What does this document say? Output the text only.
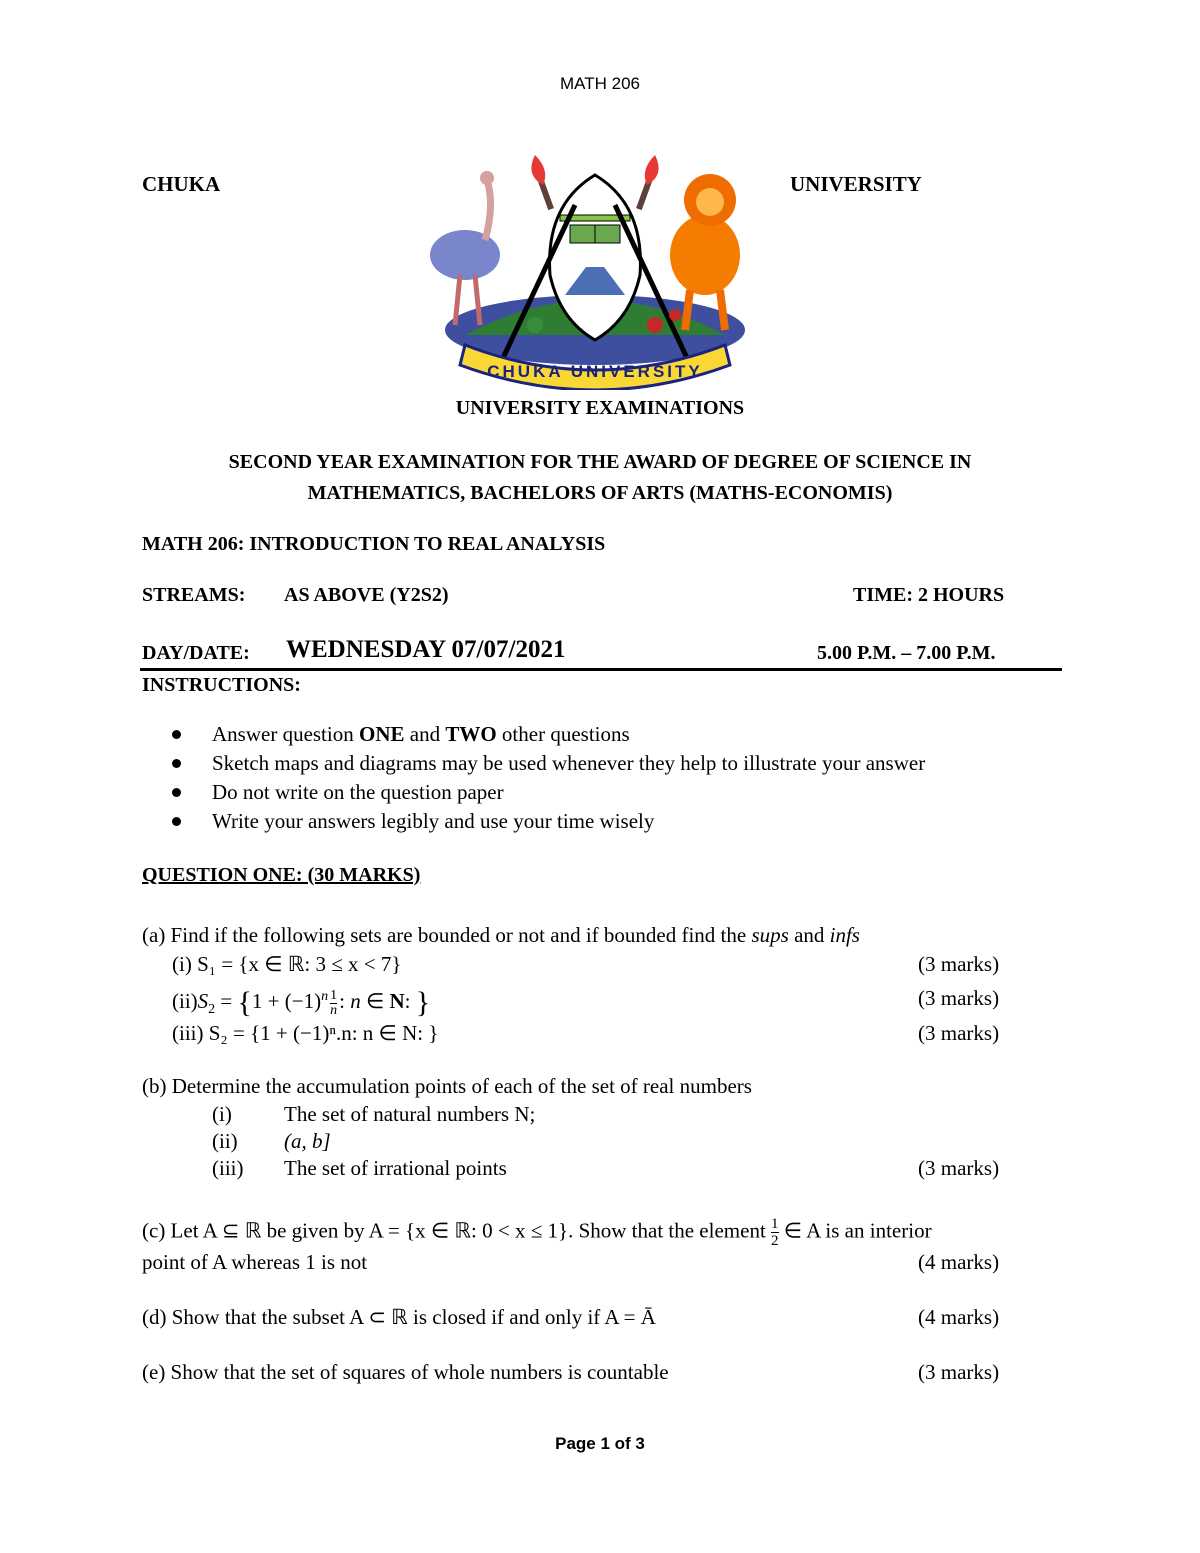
MATH 206
CHUKA	UNIVERSITY
CHUKA UNIVERSITY
UNIVERSITY EXAMINATIONS
SECOND YEAR EXAMINATION FOR THE AWARD OF DEGREE OF SCIENCE IN
MATHEMATICS, BACHELORS OF ARTS (MATHS-ECONOMIS)
MATH 206: INTRODUCTION TO REAL ANALYSIS
STREAMS: AS ABOVE (Y2S2)	TIME: 2 HOURS
DAY/DATE: WEDNESDAY 07/07/2021	5.00 P.M. – 7.00 P.M.
INSTRUCTIONS:
Answer question ONE and TWO other questions
Sketch maps and diagrams may be used whenever they help to illustrate your answer
Do not write on the question paper
Write your answers legibly and use your time wisely
QUESTION ONE: (30 MARKS)
(a) Find if the following sets are bounded or not and if bounded find the sups and infs
(i) S₁ = {x ∈ ℝ: 3 ≤ x < 7}	(3 marks)
$(ii)S_2 = \{1 + (-1)^n \frac{1}{n}$ : n ∈ N: }	(3 marks)
(iii) S₂ = {1 + (−1)ⁿ.n: n ∈ N: }	(3 marks)
(b) Determine the accumulation points of each of the set of real numbers
(i) The set of natural numbers N;
(ii) (a, b]
(iii) The set of irrational points	(3 marks)
(c) Let A ⊆ ℝ be given by A = {x ∈ ℝ: 0 < x ≤ 1}. Show that the element $\frac{1}{2}$ ∈ A is an interior
point of A whereas 1 is not	(4 marks)
(d) Show that the subset A ⊂ ℝ is closed if and only if A = Ā	(4 marks)
(e) Show that the set of squares of whole numbers is countable	(3 marks)
Page 1 of 3
